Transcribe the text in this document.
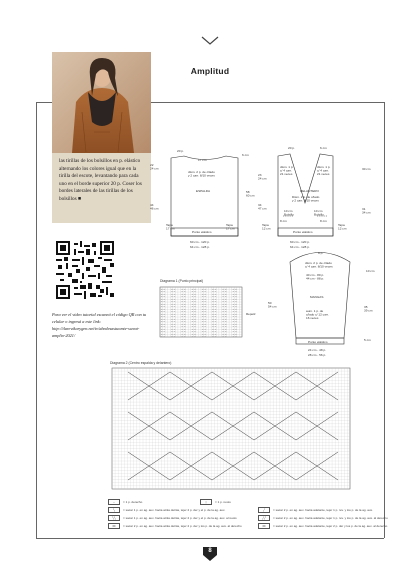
Amplitud

las tirillas de los bolsillos en p. elástico alternando los colores igual que en la tirilla del escote, levantando para cada uno en el borde superior 20 p. Coser los bordes laterales de las tirillas de los bolsillos ■

Para ver el video tutorial escaneá el código QR con tu celular o ingresá a este link: http://tlarevikarygen.net/tv/abedesastuomte-sweat-amplio-2021/
ESPALDA
17 cm
20 p.
6 cm
dism. 2 p. de c/lado y 2 carr. 8/10 veces
22 24 cm
44 46 cm
58 60 cm
Tapa 17 cm
Tapa 17 cm
Punto elástico
60 cm - 120 p.
64 cm - 128 p.
DELANTERO
20 p.	6 cm
dism. 1 p. c/ 4 carr. 21 veces
dism. 1 p. c/ 4 carr. 21 veces
Dism. 2 p. de c/lado y 2 carr. 8/10 veces
30 cm
23 24 cm
34 47 cm	31 34 cm
10 cm Bolsillo
10 cm Bolsillo
8 cm	8 cm
Tapa 12 cm
Tapa 12 cm
Punto elástico
60 cm - 120 p.
64 cm - 128 p.
9 p.
dism. 2 p. de c/lado c/ 4 carr. 8/10 veces
40 cm - 80 p. 44 cm - 88 p.
MANGAS
50 54 cm
10 cm
35 39 cm
aum. 1 p. de c/lado c/ 12 carr. 16 veces
Punto elástico
24 cm - 48 p.
28 cm - 56 p.
5 cm
Diagrama 1 (Punto principal)
Repetir
Diagrama 2 (Centro espalda y delantero)
–	= 1 p. derecho	|	= 1 p. revés
╲	= sacar 1 p. en ag. aux. hacia atrás detrás, tejer 2 p. der y el p. de la ag. aux.	╱	= sacar 2 p. en ag. aux. hacia adelante, tejer 1 p. rev. y los p. de la ag. aux.
╲╲	= sacar 1 p. en ag. aux. hacia atrás detrás, tejer 2 p. der y el p. de la ag. aux. al revés	╱╱	= sacar 2 p. en ag. aux. hacia adelante, tejer 1 p. rev. y los p. de la ag. aux. al derecho
⋈	= sacar 2 p. en ag. aux. hacia atrás detrás, tejer 2 p. der y los p. de la ag. aux. al derecho	⋈	= sacar 2 p. en ag. aux. hacia adelante, tejer 2 p. der y los p. de la ag. aux. al derecho
8
